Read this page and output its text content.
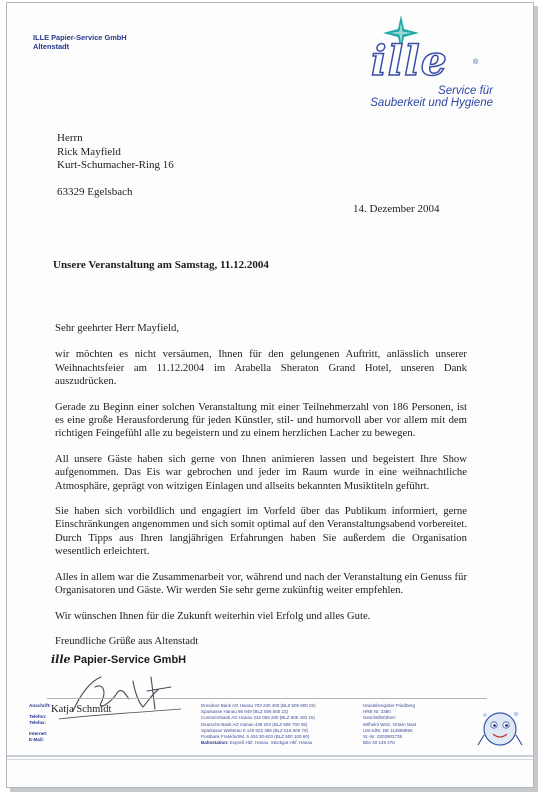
ILLE Papier-Service GmbH
Altenstadt	ille	®
Service für
Sauberkeit und Hygiene
Herrn
Rick Mayfield
Kurt-Schumacher-Ring 16
63329 Egelsbach
14. Dezember 2004
Unsere Veranstaltung am Samstag, 11.12.2004

Sehr geehrter Herr Mayfield,

wir möchten es nicht versäumen, Ihnen für den gelungenen Auftritt, anlässlich unserer Weihnachtsfeier am 11.12.2004 im Arabella Sheraton Grand Hotel, unseren Dank auszudrücken.

Gerade zu Beginn einer solchen Veranstaltung mit einer Teilnehmerzahl von 186 Personen, ist es eine große Herausforderung für jeden Künstler, stil- und humorvoll aber vor allem mit dem richtigen Feingefühl alle zu begeistern und zu einem herzlichen Lacher zu bewegen.

All unsere Gäste haben sich gerne von Ihnen animieren lassen und begeistert Ihre Show aufgenommen. Das Eis war gebrochen und jeder im Raum wurde in eine weihnachtliche Atmosphäre, geprägt von witzigen Einlagen und allseits bekannten Musiktiteln geführt.

Sie haben sich vorbildlich und engagiert im Vorfeld über das Publikum informiert, gerne Einschränkungen angenommen und sich somit optimal auf den Veranstaltungsabend vorbereitet. Durch Tipps aus Ihren langjährigen Erfahrungen haben Sie außerdem die Organisation wesentlich erleichtert.

Alles in allem war die Zusammenarbeit vor, während und nach der Veranstaltung ein Genuss für Organisatoren und Gäste. Wir werden Sie sehr gerne zukünftig weiter empfehlen.

Wir wünschen Ihnen für die Zukunft weiterhin viel Erfolg und alles Gute.

Freundliche Grüße aus Altenstadt

ille Papier-Service GmbH
Katja Schmidt
Anschrift:
Telefon:
Telefax:
Internet:
E-Mail:
Dresdner Bank AG Hanau 703 230 400 (BLZ 506 800 02)
Sparkasse Hanau 86 949 (BLZ 506 500 23)
Commerzbank AG Hanau 232 059 200 (BLZ 506 400 15)
Deutsche Bank AG Hanau 439 204 (BLZ 506 700 06)
Sparkasse Wetterau 0 140 022 365 (BLZ 518 500 79)
Postbank Frankfurt/M. 5 404 30-603 (BLZ 500 100 60)
Bahnstation: Expreß Hbf. Hanau, Stückgut Hbf. Hanau
Handelsregister Friedberg
HRB Nr. 3380
Geschäftsführer:
Wilhelm Welz, Ortwin Nast
USt-IdNr. DE 113559955
St.-Nr. 0202902735
Bbn 40 149 478
